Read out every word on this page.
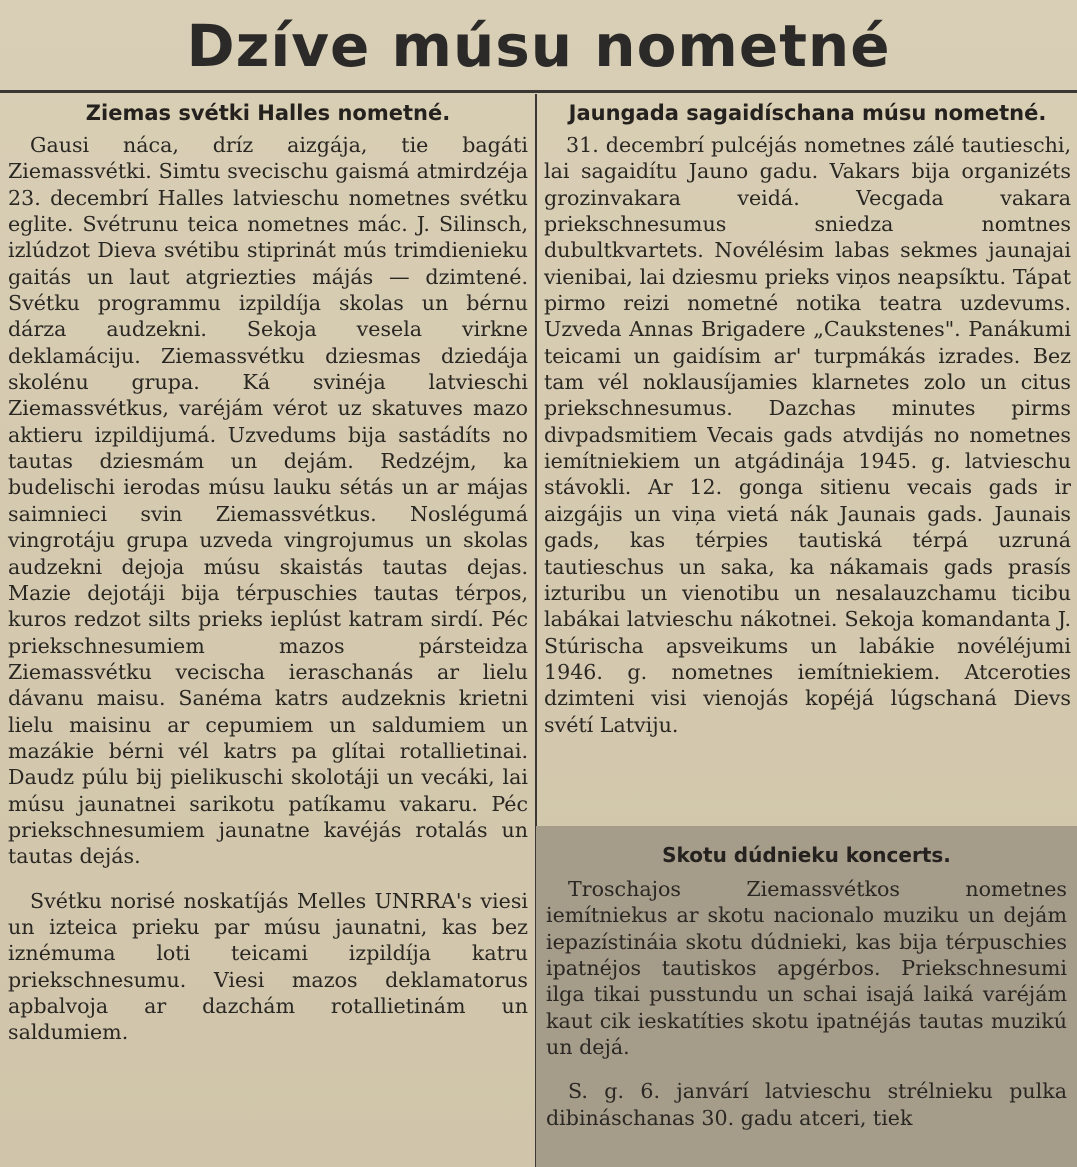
Dzíve músu nometné
Ziemas svétki Halles nometné.

Gausi náca, dríz aizgája, tie bagáti Ziemassvétki. Simtu svecischu gaismá atmirdzéja 23. decembrí Halles latvieschu nometnes svétku eglite. Svétrunu teica nometnes máс. J. Silinsch, izlúdzot Dieva svétibu stiprinát mús trimdienieku gaitás un laut atgriezties májás — dzimtené. Svétku programmu izpildíja skolas un bérnu dárza audzekni. Sekoja vesela virkne deklamáciju. Ziemassvétku dziesmas dziedája skolénu grupa. Ká svinéja latvieschi Ziemassvétkus, varéjám vérot uz skatuves mazo aktieru izpildijumá. Uzvedums bija sastádíts no tautas dziesmám un dejám. Redzéjm, ka budelischi ierodas músu lauku sétás un ar májas saimnieci svin Ziemassvétkus. Noslégumá vingrotáju grupa uzveda vingrojumus un skolas audzekni dejoja músu skaistás tautas dejas. Mazie dejotáji bija térpuschies tautas térpos, kuros redzot silts prieks ieplúst katram sirdí. Péc priekschnesumiem mazos pársteidza Ziemassvétku vecischa ieraschanás ar lielu dávanu maisu. Sanéma katrs audzeknis krietni lielu maisinu ar cepumiem un saldumiem un mazákie bérni vél katrs pa glítai rotallietinai. Daudz púlu bij pielikuschi skolotáji un vecáki, lai músu jaunatnei sarikotu patíkamu vakaru. Péc priekschnesumiem jaunatne kavéjás rotalás un tautas dejás.

Svétku norisé noskatíjás Melles UNRRA's viesi un izteica prieku par músu jaunatni, kas bez iznémuma loti teicami izpildíja katru priekschnesumu. Viesi mazos deklamatorus apbalvoja ar dazchám rotallietinám un saldumiem.

Jaungada sagaidíschana músu nometné.

31. decembrí pulcéjás nometnes zálé tautieschi, lai sagaidítu Jauno gadu. Vakars bija organizéts grozinvakara veidá. Vecgada vakara priekschnesumus sniedza nomtnes dubultkvartets. Novélésim labas sekmes jaunajai vienibai, lai dziesmu prieks viņos neapsíktu. Tápat pirmo reizi nometné notika teatra uzdevums. Uzveda Annas Brigadere „Caukstenes". Panákumi teicami un gaidísim ar' turpmákás izrades. Bez tam vél noklausíjamies klarnetes zolo un citus priekschnesumus. Dazchas minutes pirms divpadsmitiem Vecais gads atvdijás no nometnes iemítniekiem un atgádinája 1945. g. latvieschu stávokli. Ar 12. gonga sitienu vecais gads ir aizgájis un viņa vietá nák Jaunais gads. Jaunais gads, kas térpies tautiská térpá uzruná tautieschus un saka, ka nákamais gads prasís izturibu un vienotibu un nesalauzchamu ticibu labákai latvieschu nákotnei. Sekoja komandanta J. Stúrischa apsveikums un labákie novéléjumi 1946. g. nometnes iemítniekiem. Atceroties dzimteni visi vienojás kopéjá lúgschaná Dievs svétí Latviju.

Skotu dúdnieku koncerts.

Troschajos Ziemassvétkos nometnes iemítniekus ar skotu nacionalo muziku un dejám iepazístináia skotu dúdnieki, kas bija térpuschies ipatnéjos tautiskos apgérbos. Priekschnesumi ilga tikai pusstundu un schai isajá laiká varéjám kaut cik ieskatíties skotu ipatnéjás tautas muzikú un dejá.

S. g. 6. janvárí latvieschu strélnieku pulka dibináschanas 30. gadu atceri, tiek
